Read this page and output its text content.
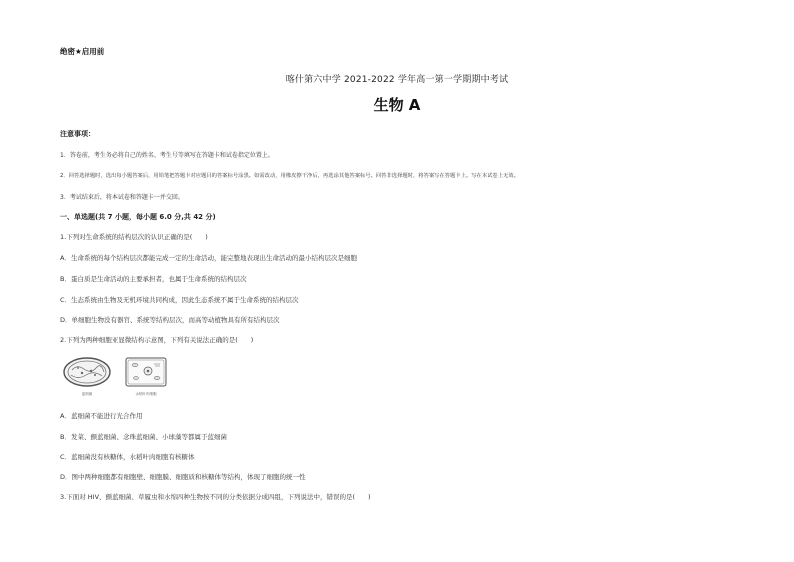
绝密★启用前
喀什第六中学 2021-2022 学年高一第一学期期中考试
生物 A
注意事项：
1．答卷前，考生务必将自己的姓名、考生号等填写在答题卡和试卷指定位置上。
2．回答选择题时，选出每小题答案后，用铅笔把答题卡对应题目的答案标号涂黑。如需改动，用橡皮擦干净后，再选涂其他答案标号。回答非选择题时，将答案写在答题卡上。写在本试卷上无效。
3．考试结束后，将本试卷和答题卡一并交回。
一、单选题(共 7 小题，每小题 6.0 分,共 42 分)
1.下列对生命系统的结构层次的认识正确的是(　　)
A．生命系统的每个结构层次都能完成一定的生命活动，能完整地表现出生命活动的最小结构层次是细胞
B．蛋白质是生命活动的主要承担者，也属于生命系统的结构层次
C．生态系统由生物及无机环境共同构成，因此生态系统不属于生命系统的结构层次
D．单细胞生物没有器官、系统等结构层次，而高等动植物具有所有结构层次
2.下列为两种细胞亚显微结构示意图，下列有关说法正确的是(　　)
蓝细菌	水稻叶肉细胞
A．蓝细菌不能进行光合作用
B．发菜、颤蓝细菌、念珠蓝细菌、小球藻等都属于蓝细菌
C．蓝细菌没有核糖体，水稻叶肉细胞有核糖体
D．图中两种细胞都有细胞壁、细胞膜、细胞质和核糖体等结构，体现了细胞的统一性
3.下面对 HIV、颤蓝细菌、草履虫和水绵四种生物按不同的分类依据分成四组，下列说法中，错误的是(　　)
